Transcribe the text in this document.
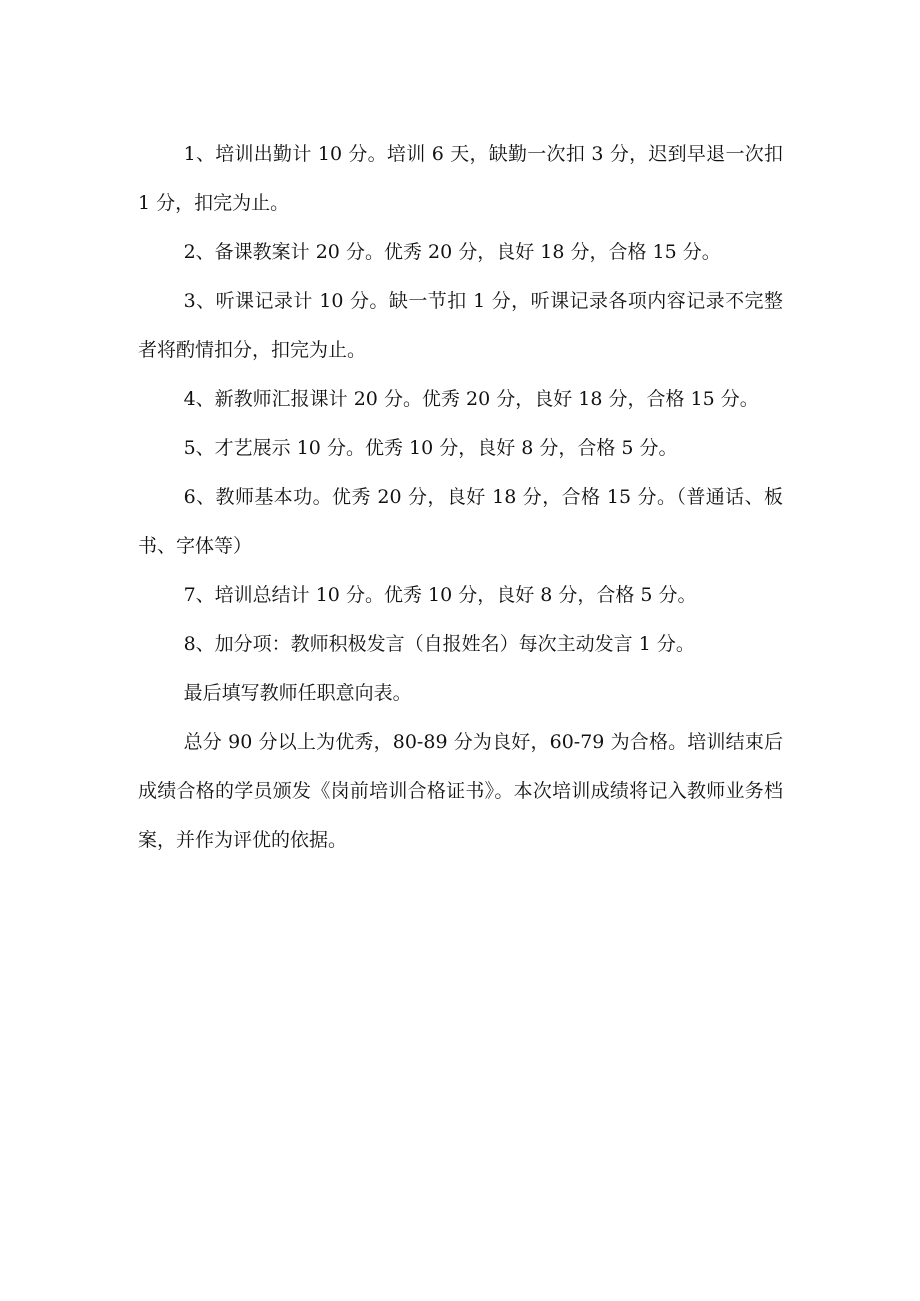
1、培训出勤计 10 分。培训 6 天，缺勤一次扣 3 分，迟到早退一次扣 1 分，扣完为止。

2、备课教案计 20 分。优秀 20 分，良好 18 分，合格 15 分。

3、听课记录计 10 分。缺一节扣 1 分，听课记录各项内容记录不完整者将酌情扣分，扣完为止。

4、新教师汇报课计 20 分。优秀 20 分，良好 18 分，合格 15 分。

5、才艺展示 10 分。优秀 10 分，良好 8 分，合格 5 分。

6、教师基本功。优秀 20 分，良好 18 分，合格 15 分。（普通话、板书、字体等）

7、培训总结计 10 分。优秀 10 分，良好 8 分，合格 5 分。

8、加分项：教师积极发言（自报姓名）每次主动发言 1 分。

最后填写教师任职意向表。

总分 90 分以上为优秀，80-89 分为良好，60-79 为合格。培训结束后成绩合格的学员颁发《岗前培训合格证书》。本次培训成绩将记入教师业务档案，并作为评优的依据。
